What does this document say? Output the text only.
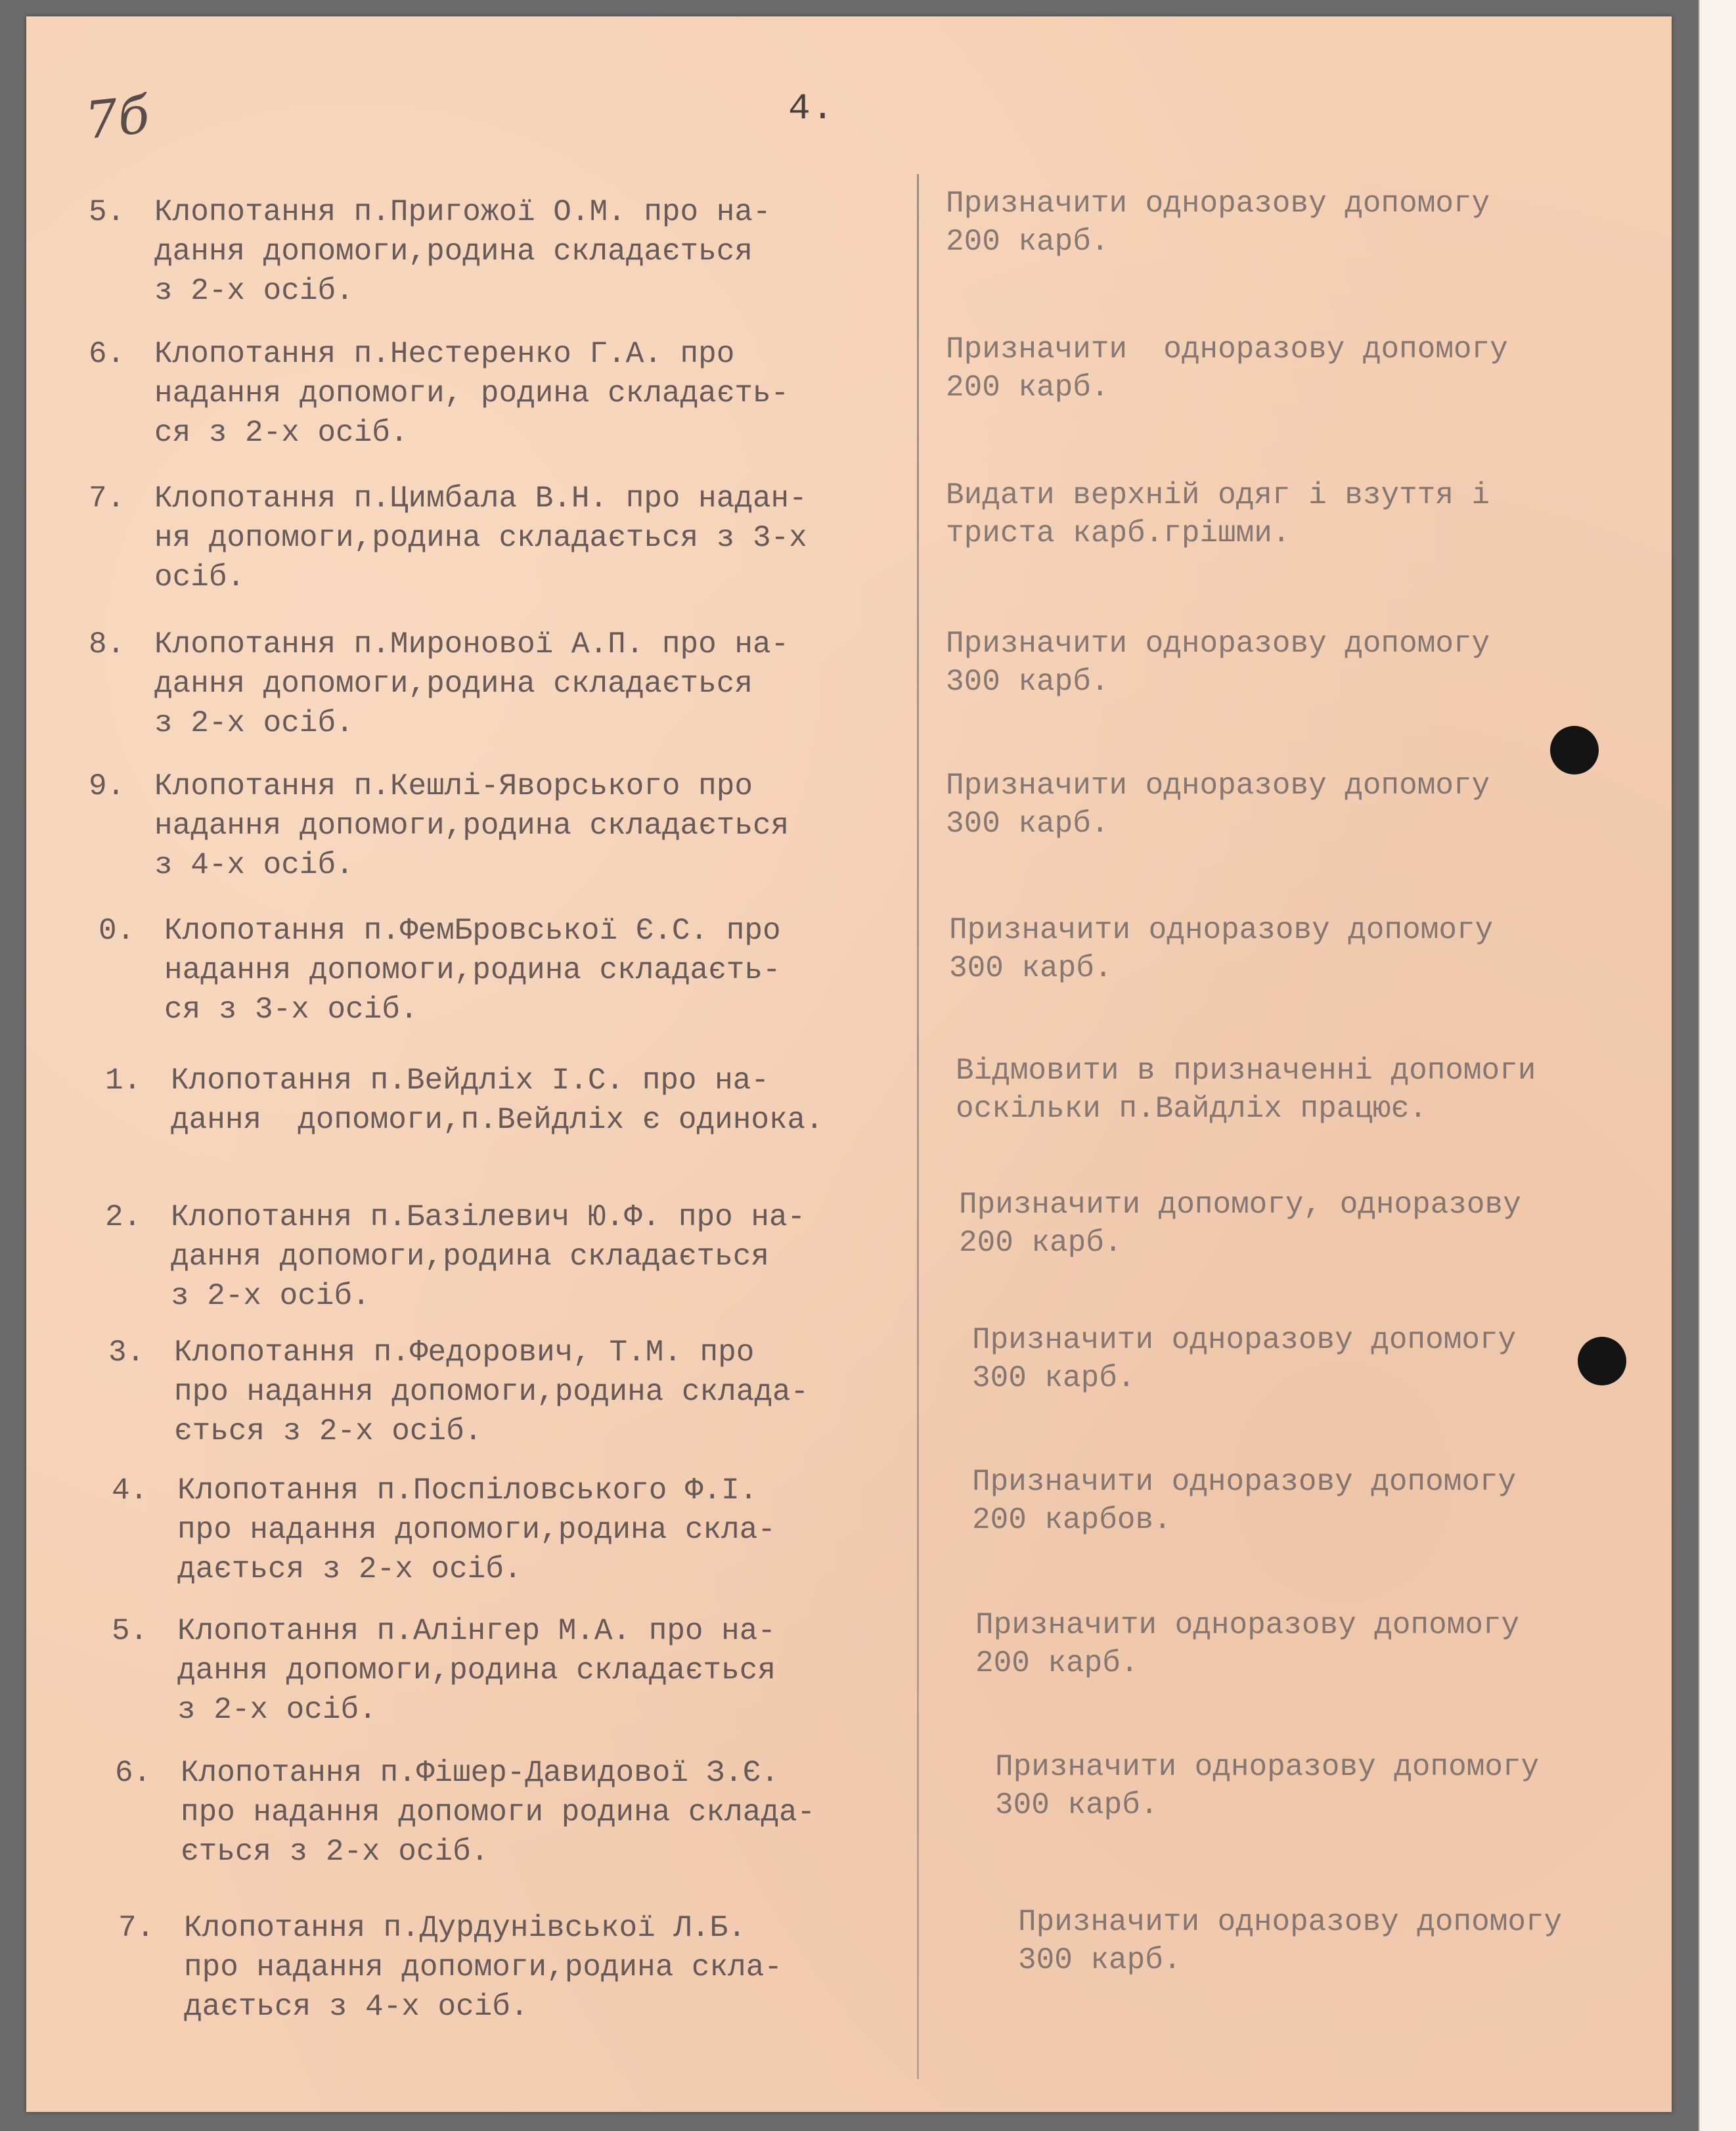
7б	4.

5.

Клопотання п.Пригожої О.М. про на-
дання допомоги,родина складається
з 2-х осіб.

Призначити одноразову допомогу
200 карб.

6.

Клопотання п.Нестеренко Г.А. про
надання допомоги, родина складаєть-
ся з 2-х осіб.

Призначити  одноразову допомогу
200 карб.

7.

Клопотання п.Цимбала В.Н. про надан-
ня допомоги,родина складається з 3-х
осіб.

Видати верхній одяг і взуття і
триста карб.грішми.

8.

Клопотання п.Миронової А.П. про на-
дання допомоги,родина складається
з 2-х осіб.

Призначити одноразову допомогу
300 карб.

9.

Клопотання п.Кешлі-Яворського про
надання допомоги,родина складається
з 4-х осіб.

Призначити одноразову допомогу
300 карб.

0.

Клопотання п.ФемБровської Є.С. про
надання допомоги,родина складаєть-
ся з 3-х осіб.

Призначити одноразову допомогу
300 карб.

1.

Клопотання п.Вейдліх І.С. про на-
дання  допомоги,п.Вейдліх є одинока.

Відмовити в призначенні допомоги
оскільки п.Вайдліх працює.

2.

Клопотання п.Базілевич Ю.Ф. про на-
дання допомоги,родина складається
з 2-х осіб.

Призначити допомогу, одноразову
200 карб.

3.

Клопотання п.Федорович, Т.М. про
про надання допомоги,родина склада-
ється з 2-х осіб.

Призначити одноразову допомогу
300 карб.

4.

Клопотання п.Поспіловського Ф.І.
про надання допомоги,родина скла-
дається з 2-х осіб.

Призначити одноразову допомогу
200 карбов.

5.

Клопотання п.Алінгер М.А. про на-
дання допомоги,родина складається
з 2-х осіб.

Призначити одноразову допомогу
200 карб.

6.

Клопотання п.Фішер-Давидової З.Є.
про надання допомоги родина склада-
ється з 2-х осіб.

Призначити одноразову допомогу
300 карб.

7.

Клопотання п.Дурдунівської Л.Б.
про надання допомоги,родина скла-
дається з 4-х осіб.

Призначити одноразову допомогу
300 карб.
